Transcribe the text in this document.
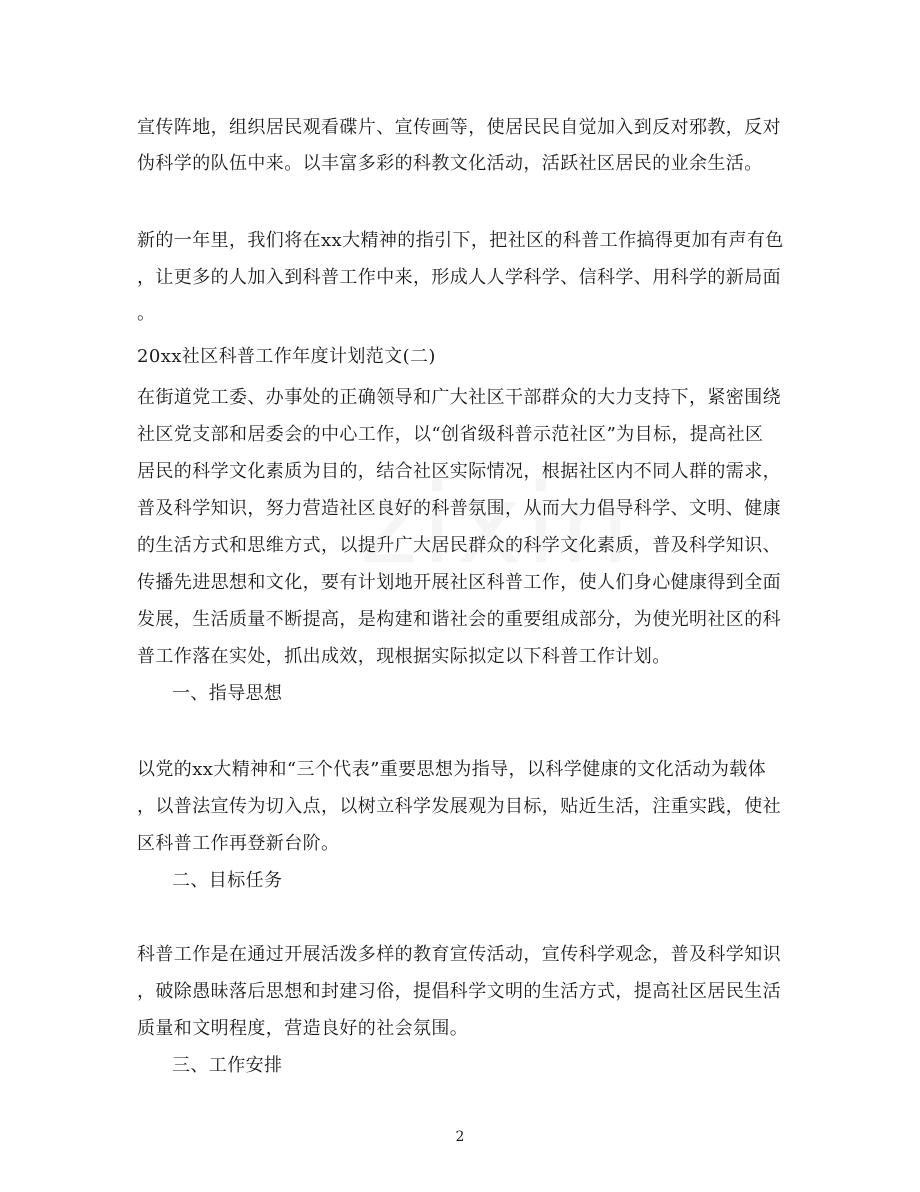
宣传阵地，组织居民观看碟片、宣传画等，使居民民自觉加入到反对邪教，反对
伪科学的队伍中来。以丰富多彩的科教文化活动，活跃社区居民的业余生活。
新的一年里，我们将在xx大精神的指引下，把社区的科普工作搞得更加有声有色
，让更多的人加入到科普工作中来，形成人人学科学、信科学、用科学的新局面
。
20xx社区科普工作年度计划范文(二)
在街道党工委、办事处的正确领导和广大社区干部群众的大力支持下，紧密围绕
社区党支部和居委会的中心工作，以“创省级科普示范社区”为目标，提高社区
居民的科学文化素质为目的，结合社区实际情况，根据社区内不同人群的需求，
普及科学知识，努力营造社区良好的科普氛围，从而大力倡导科学、文明、健康
的生活方式和思维方式，以提升广大居民群众的科学文化素质，普及科学知识、
传播先进思想和文化，要有计划地开展社区科普工作，使人们身心健康得到全面
发展，生活质量不断提高，是构建和谐社会的重要组成部分，为使光明社区的科
普工作落在实处，抓出成效，现根据实际拟定以下科普工作计划。
一、指导思想
以党的xx大精神和“三个代表”重要思想为指导，以科学健康的文化活动为载体
，以普法宣传为切入点，以树立科学发展观为目标，贴近生活，注重实践，使社
区科普工作再登新台阶。
二、目标任务
科普工作是在通过开展活泼多样的教育宣传活动，宣传科学观念，普及科学知识
，破除愚昧落后思想和封建习俗，提倡科学文明的生活方式，提高社区居民生活
质量和文明程度，营造良好的社会氛围。
三、工作安排
2
